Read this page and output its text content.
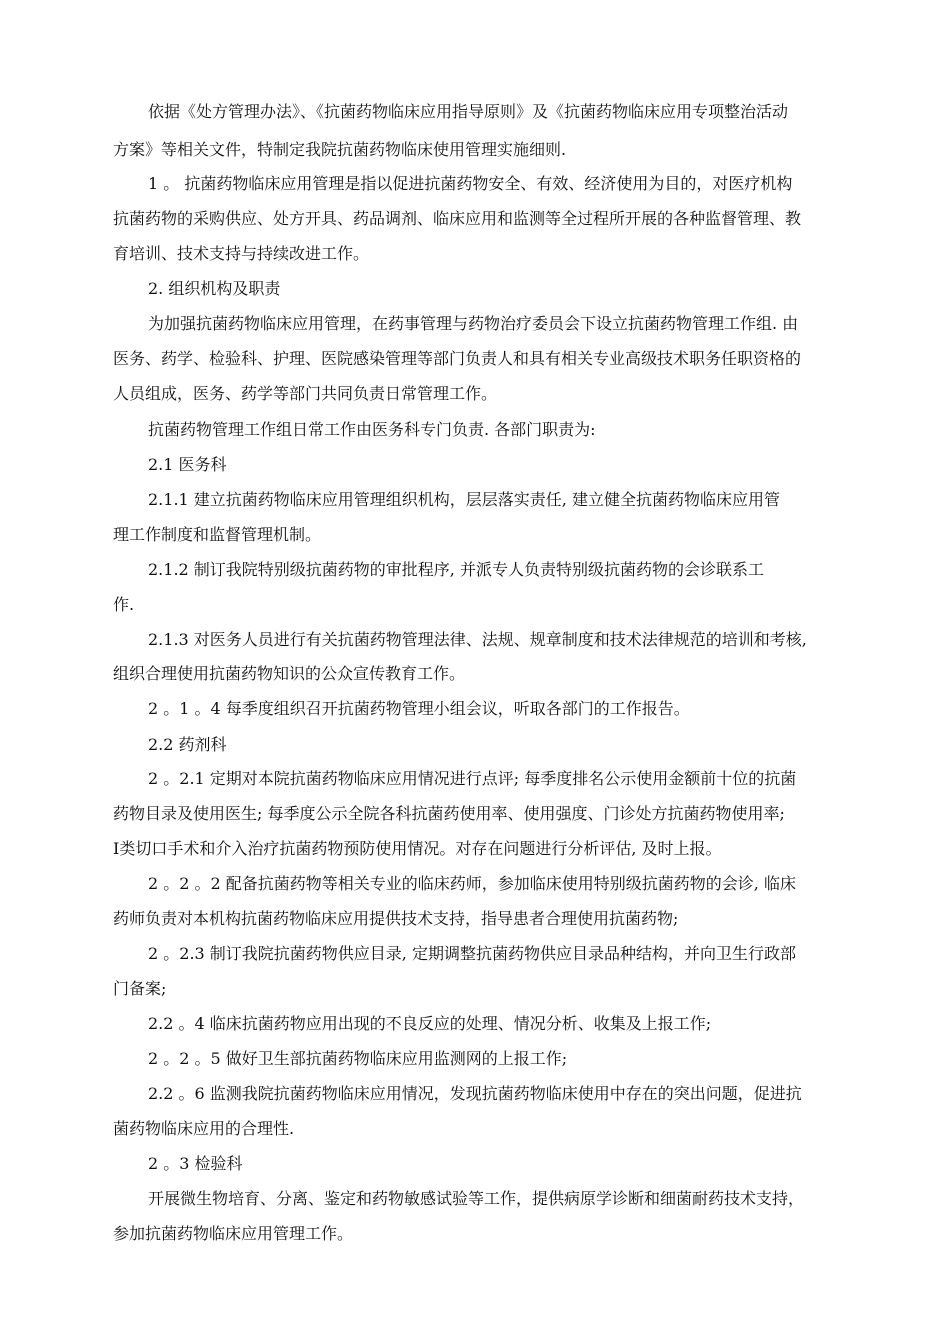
依据《处方管理办法》、《抗菌药物临床应用指导原则》及《抗菌药物临床应用专项整治活动
方案》等相关文件，特制定我院抗菌药物临床使用管理实施细则.
1 。 抗菌药物临床应用管理是指以促进抗菌药物安全、有效、经济使用为目的，对医疗机构
抗菌药物的采购供应、处方开具、药品调剂、临床应用和监测等全过程所开展的各种监督管理、教
育培训、技术支持与持续改进工作。
2. 组织机构及职责
为加强抗菌药物临床应用管理，在药事管理与药物治疗委员会下设立抗菌药物管理工作组. 由
医务、药学、检验科、护理、医院感染管理等部门负责人和具有相关专业高级技术职务任职资格的
人员组成，医务、药学等部门共同负责日常管理工作。
抗菌药物管理工作组日常工作由医务科专门负责. 各部门职责为:
2.1 医务科
2.1.1 建立抗菌药物临床应用管理组织机构，层层落实责任, 建立健全抗菌药物临床应用管
理工作制度和监督管理机制。
2.1.2 制订我院特别级抗菌药物的审批程序, 并派专人负责特别级抗菌药物的会诊联系工
作.
2.1.3 对医务人员进行有关抗菌药物管理法律、法规、规章制度和技术法律规范的培训和考核,
组织合理使用抗菌药物知识的公众宣传教育工作。
2 。1 。4 每季度组织召开抗菌药物管理小组会议，听取各部门的工作报告。
2.2 药剂科
2 。2.1 定期对本院抗菌药物临床应用情况进行点评; 每季度排名公示使用金额前十位的抗菌
药物目录及使用医生; 每季度公示全院各科抗菌药使用率、使用强度、门诊处方抗菌药物使用率;
Ⅰ类切口手术和介入治疗抗菌药物预防使用情况。对存在问题进行分析评估, 及时上报。
2 。2 。2 配备抗菌药物等相关专业的临床药师，参加临床使用特别级抗菌药物的会诊, 临床
药师负责对本机构抗菌药物临床应用提供技术支持，指导患者合理使用抗菌药物;
2 。2.3 制订我院抗菌药物供应目录, 定期调整抗菌药物供应目录品种结构，并向卫生行政部
门备案;
2.2 。4 临床抗菌药物应用出现的不良反应的处理、情况分析、收集及上报工作;
2 。2 。5 做好卫生部抗菌药物临床应用监测网的上报工作;
2.2 。6 监测我院抗菌药物临床应用情况，发现抗菌药物临床使用中存在的突出问题，促进抗
菌药物临床应用的合理性.
2 。3 检验科
开展微生物培育、分离、鉴定和药物敏感试验等工作，提供病原学诊断和细菌耐药技术支持，
参加抗菌药物临床应用管理工作。
